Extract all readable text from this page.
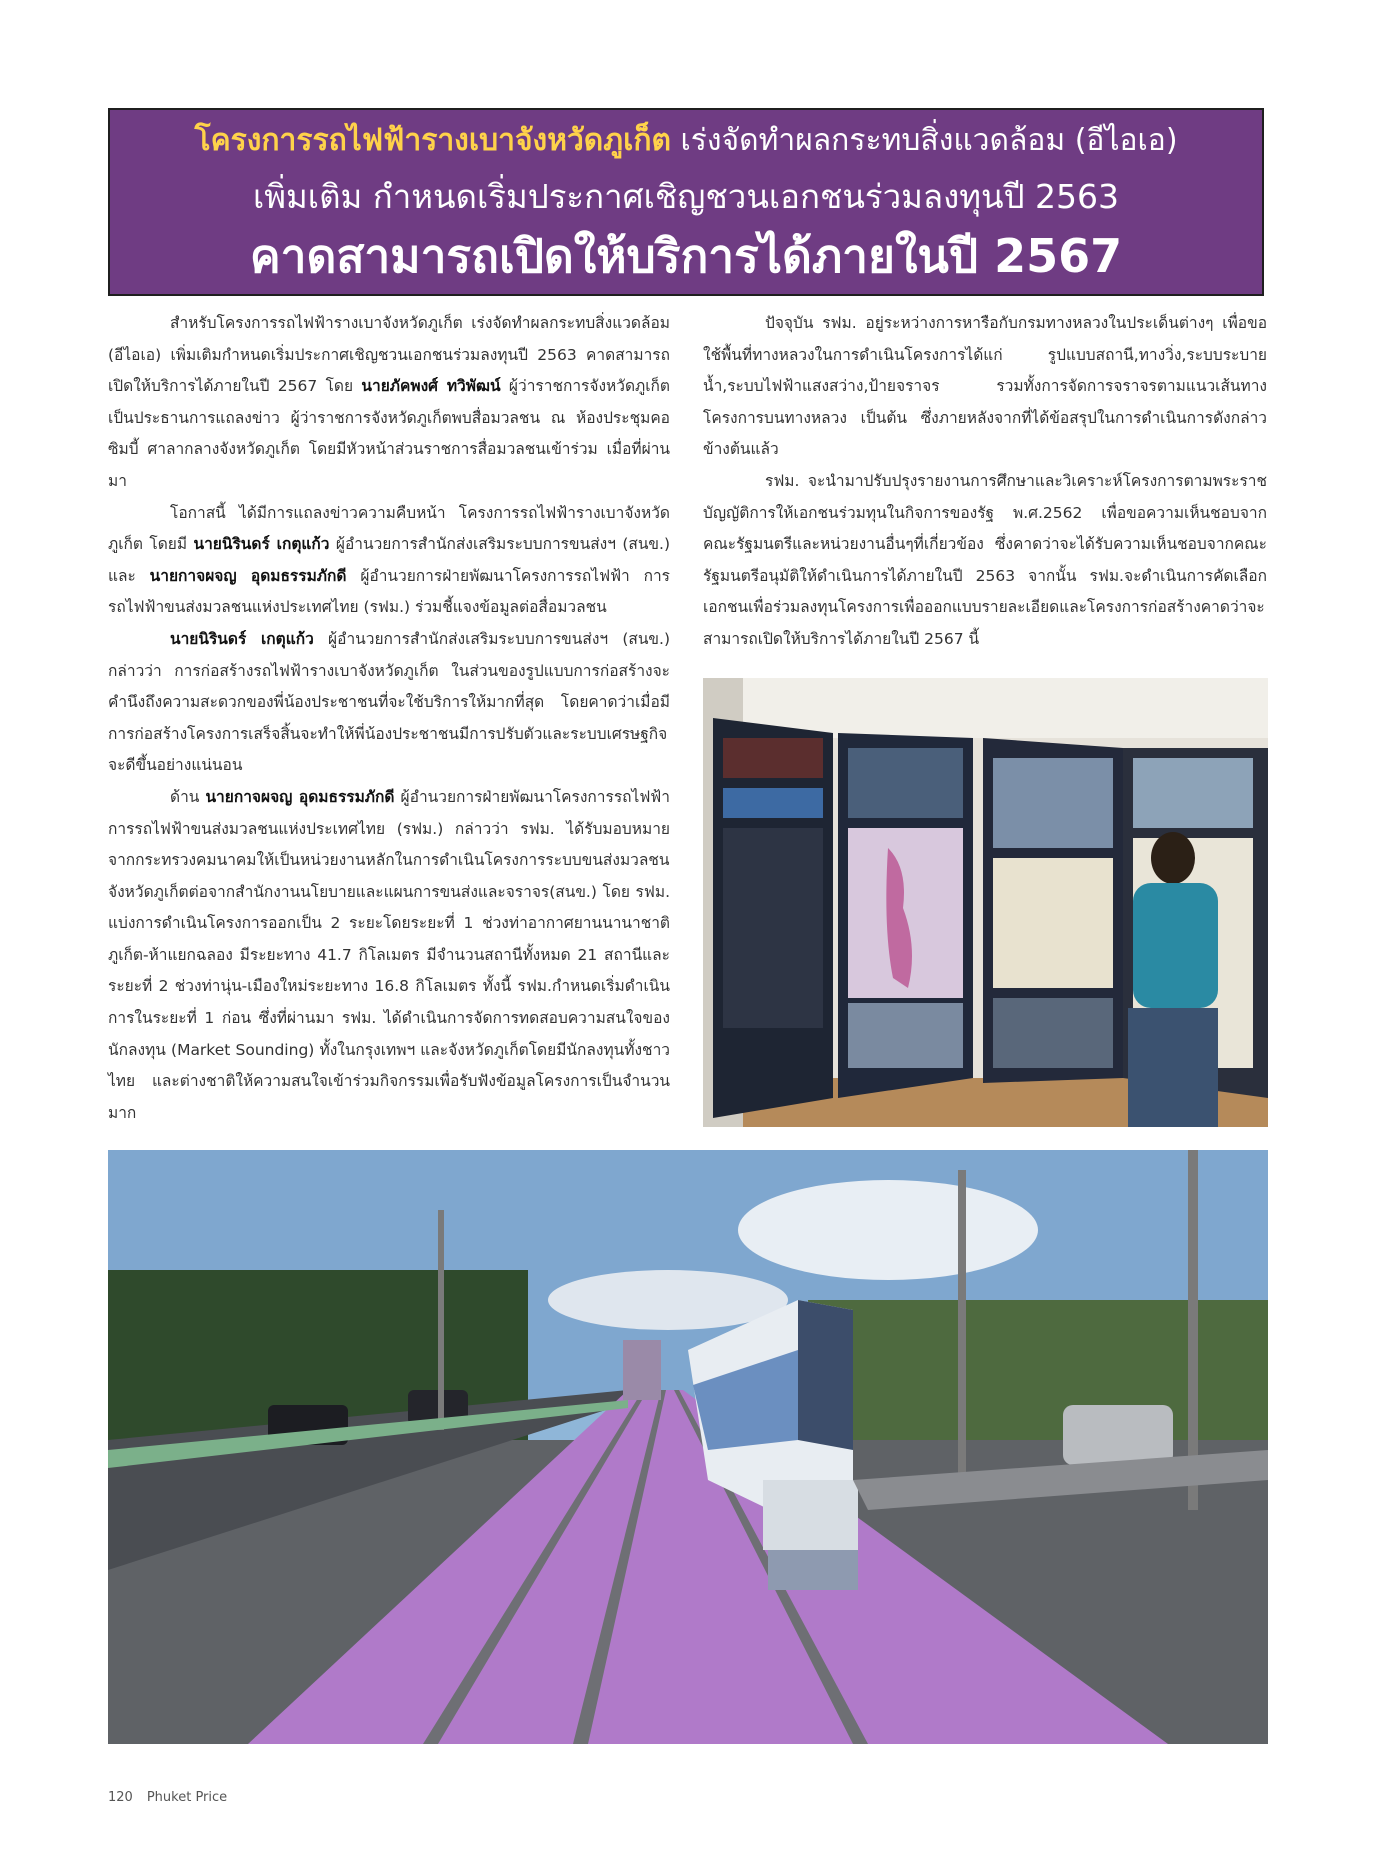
โครงการรถไฟฟ้ารางเบาจังหวัดภูเก็ต เร่งจัดทำผลกระทบสิ่งแวดล้อม (อีไอเอ)
เพิ่มเติม กำหนดเริ่มประกาศเชิญชวนเอกชนร่วมลงทุนปี 2563
คาดสามารถเปิดให้บริการได้ภายในปี 2567

สำหรับโครงการรถไฟฟ้ารางเบาจังหวัดภูเก็ต เร่งจัดทำผลกระทบสิ่งแวดล้อม (อีไอเอ) เพิ่มเติมกำหนดเริ่มประกาศเชิญชวนเอกชนร่วมลงทุนปี 2563 คาดสามารถเปิดให้บริการได้ภายในปี 2567 โดย นายภัคพงศ์ ทวิพัฒน์ ผู้ว่าราชการจังหวัดภูเก็ต เป็นประธานการแถลงข่าว ผู้ว่าราชการจังหวัดภูเก็ตพบสื่อมวลชน ณ ห้องประชุมคอซิมบี้ ศาลากลางจังหวัดภูเก็ต โดยมีหัวหน้าส่วนราชการสื่อมวลชนเข้าร่วม เมื่อที่ผ่านมา

โอกาสนี้ ได้มีการแถลงข่าวความคืบหน้า โครงการรถไฟฟ้ารางเบาจังหวัดภูเก็ต โดยมี นายนิรินดร์ เกตุแก้ว ผู้อำนวยการสำนักส่งเสริมระบบการขนส่งฯ (สนข.) และ นายกาจผจญ อุดมธรรมภักดี ผู้อำนวยการฝ่ายพัฒนาโครงการรถไฟฟ้า การรถไฟฟ้าขนส่งมวลชนแห่งประเทศไทย (รฟม.) ร่วมชี้แจงข้อมูลต่อสื่อมวลชน

นายนิรินดร์ เกตุแก้ว ผู้อำนวยการสำนักส่งเสริมระบบการขนส่งฯ (สนข.) กล่าวว่า การก่อสร้างรถไฟฟ้ารางเบาจังหวัดภูเก็ต ในส่วนของรูปแบบการก่อสร้างจะคำนึงถึงความสะดวกของพี่น้องประชาชนที่จะใช้บริการให้มากที่สุด โดยคาดว่าเมื่อมีการก่อสร้างโครงการเสร็จสิ้นจะทำให้พี่น้องประชาชนมีการปรับตัวและระบบเศรษฐกิจจะดีขึ้นอย่างแน่นอน

ด้าน นายกาจผจญ อุดมธรรมภักดี ผู้อำนวยการฝ่ายพัฒนาโครงการรถไฟฟ้าการรถไฟฟ้าขนส่งมวลชนแห่งประเทศไทย (รฟม.) กล่าวว่า รฟม. ได้รับมอบหมายจากกระทรวงคมนาคมให้เป็นหน่วยงานหลักในการดำเนินโครงการระบบขนส่งมวลชนจังหวัดภูเก็ตต่อจากสำนักงานนโยบายและแผนการขนส่งและจราจร(สนข.) โดย รฟม. แบ่งการดำเนินโครงการออกเป็น 2 ระยะโดยระยะที่ 1 ช่วงท่าอากาศยานนานาชาติภูเก็ต-ห้าแยกฉลอง มีระยะทาง 41.7 กิโลเมตร มีจำนวนสถานีทั้งหมด 21 สถานีและระยะที่ 2 ช่วงท่านุ่น-เมืองใหม่ระยะทาง 16.8 กิโลเมตร ทั้งนี้ รฟม.กำหนดเริ่มดำเนินการในระยะที่ 1 ก่อน ซึ่งที่ผ่านมา รฟม. ได้ดำเนินการจัดการทดสอบความสนใจของนักลงทุน (Market Sounding) ทั้งในกรุงเทพฯ และจังหวัดภูเก็ตโดยมีนักลงทุนทั้งชาวไทย และต่างชาติให้ความสนใจเข้าร่วมกิจกรรมเพื่อรับฟังข้อมูลโครงการเป็นจำนวนมาก

ปัจจุบัน รฟม. อยู่ระหว่างการหารือกับกรมทางหลวงในประเด็นต่างๆ เพื่อขอใช้พื้นที่ทางหลวงในการดำเนินโครงการได้แก่ รูปแบบสถานี,ทางวิ่ง,ระบบระบายน้ำ,ระบบไฟฟ้าแสงสว่าง,ป้ายจราจร รวมทั้งการจัดการจราจรตามแนวเส้นทางโครงการบนทางหลวง เป็นต้น ซึ่งภายหลังจากที่ได้ข้อสรุปในการดำเนินการดังกล่าวข้างต้นแล้ว

รฟม. จะนำมาปรับปรุงรายงานการศึกษาและวิเคราะห์โครงการตามพระราช บัญญัติการให้เอกชนร่วมทุนในกิจการของรัฐ พ.ศ.2562 เพื่อขอความเห็นชอบจากคณะรัฐมนตรีและหน่วยงานอื่นๆที่เกี่ยวข้อง ซึ่งคาดว่าจะได้รับความเห็นชอบจากคณะรัฐมนตรีอนุมัติให้ดำเนินการได้ภายในปี 2563 จากนั้น รฟม.จะดำเนินการคัดเลือกเอกชนเพื่อร่วมลงทุนโครงการเพื่อออกแบบรายละเอียดและโครงการก่อสร้างคาดว่าจะสามารถเปิดให้บริการได้ภายในปี 2567 นี้

120 Phuket Price
